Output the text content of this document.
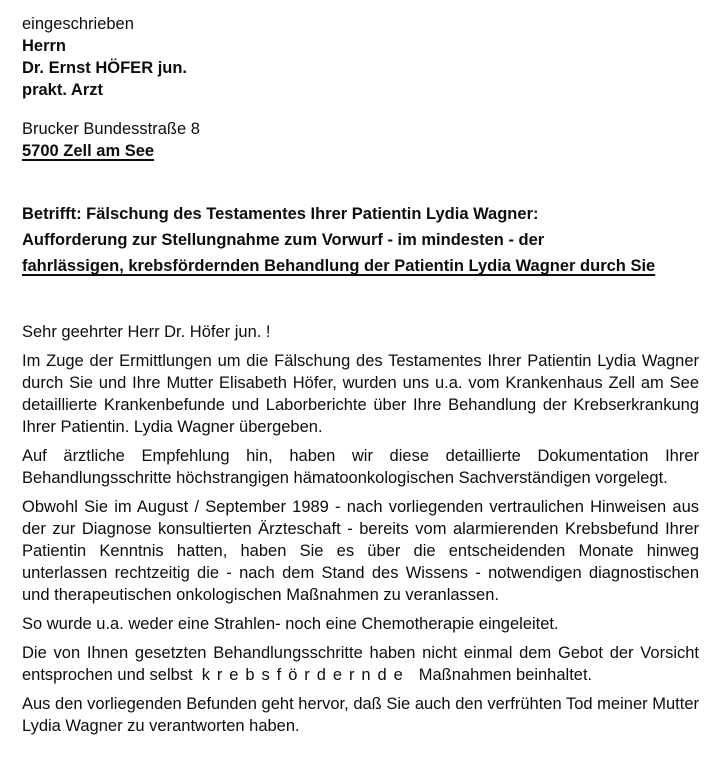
eingeschrieben
Herrn
Dr. Ernst HÖFER jun.
prakt. Arzt
Brucker Bundesstraße 8
5700 Zell am See
Betrifft: Fälschung des Testamentes Ihrer Patientin Lydia Wagner:
Aufforderung zur Stellungnahme zum Vorwurf - im mindesten - der
fahrlässigen, krebsfördernden Behandlung der Patientin Lydia Wagner durch Sie
Sehr geehrter Herr Dr. Höfer jun. !

Im Zuge der Ermittlungen um die Fälschung des Testamentes Ihrer Patientin Lydia Wagner durch Sie und Ihre Mutter Elisabeth Höfer, wurden uns u.a. vom Krankenhaus Zell am See detaillierte Krankenbefunde und Laborberichte über Ihre Behandlung der Krebserkrankung Ihrer Patientin. Lydia Wagner übergeben.

Auf ärztliche Empfehlung hin, haben wir diese detaillierte Dokumentation Ihrer Behandlungsschritte höchstrangigen hämatoonkologischen Sachverständigen vorgelegt.

Obwohl Sie im August / September 1989 - nach vorliegenden vertraulichen Hinweisen aus der zur Diagnose konsultierten Ärzteschaft - bereits vom alarmierenden Krebsbefund Ihrer Patientin Kenntnis hatten, haben Sie es über die entscheidenden Monate hinweg unterlassen rechtzeitig die - nach dem Stand des Wissens - notwendigen diagnostischen und therapeutischen onkologischen Maßnahmen zu veranlassen.

So wurde u.a. weder eine Strahlen- noch eine Chemotherapie eingeleitet.

Die von Ihnen gesetzten Behandlungsschritte haben nicht einmal dem Gebot der Vorsicht entsprochen und selbst krebsfördernde Maßnahmen beinhaltet.

Aus den vorliegenden Befunden geht hervor, daß Sie auch den verfrühten Tod meiner Mutter Lydia Wagner zu verantworten haben.
